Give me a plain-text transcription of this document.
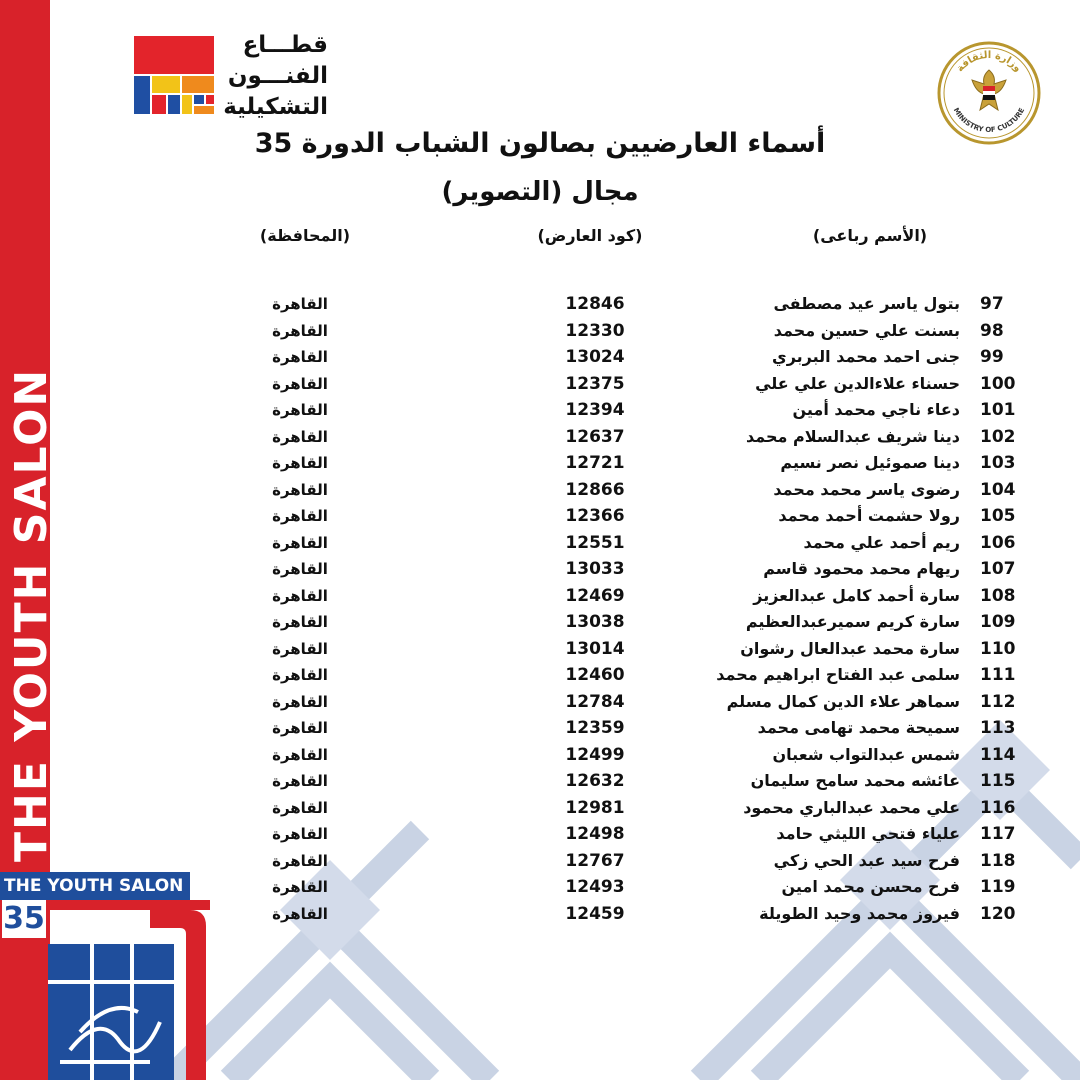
THE YOUTH SALON
THE YOUTH SALON
35
قطـــاع
الفنـــون
التشكيلية
وزارة الثقافة
MINISTRY OF CULTURE
أسماء العارضيين بصالون الشباب الدورة 35
مجال (التصوير)
(الأسم رباعى)
(كود العارض)
(المحافظة)
97
بتول ياسر عيد مصطفى
12846
القاهرة
98
بسنت علي حسين محمد
12330
القاهرة
99
جنى احمد محمد البربري
13024
القاهرة
100
حسناء علاءالدين علي علي
12375
القاهرة
101
دعاء ناجي محمد أمين
12394
القاهرة
102
دينا شريف عبدالسلام محمد
12637
القاهرة
103
دينا صموئيل نصر نسيم
12721
القاهرة
104
رضوى ياسر محمد محمد
12866
القاهرة
105
رولا حشمت أحمد محمد
12366
القاهرة
106
ريم أحمد علي محمد
12551
القاهرة
107
ريهام محمد محمود قاسم
13033
القاهرة
108
سارة أحمد كامل عبدالعزيز
12469
القاهرة
109
سارة كريم سميرعبدالعظيم
13038
القاهرة
110
سارة محمد عبدالعال رشوان
13014
القاهرة
111
سلمى عبد الفتاح ابراهيم محمد
12460
القاهرة
112
سماهر علاء الدين كمال مسلم
12784
القاهرة
113
سميحة محمد تهامى محمد
12359
القاهرة
114
شمس عبدالتواب شعبان
12499
القاهرة
115
عائشه محمد سامح سليمان
12632
القاهرة
116
علي محمد عبدالباري محمود
12981
القاهرة
117
علياء فتحي الليثي حامد
12498
القاهرة
118
فرح سيد عبد الحي زكي
12767
القاهرة
119
فرح محسن محمد امين
12493
القاهرة
120
فيروز محمد وحيد الطويلة
12459
القاهرة
